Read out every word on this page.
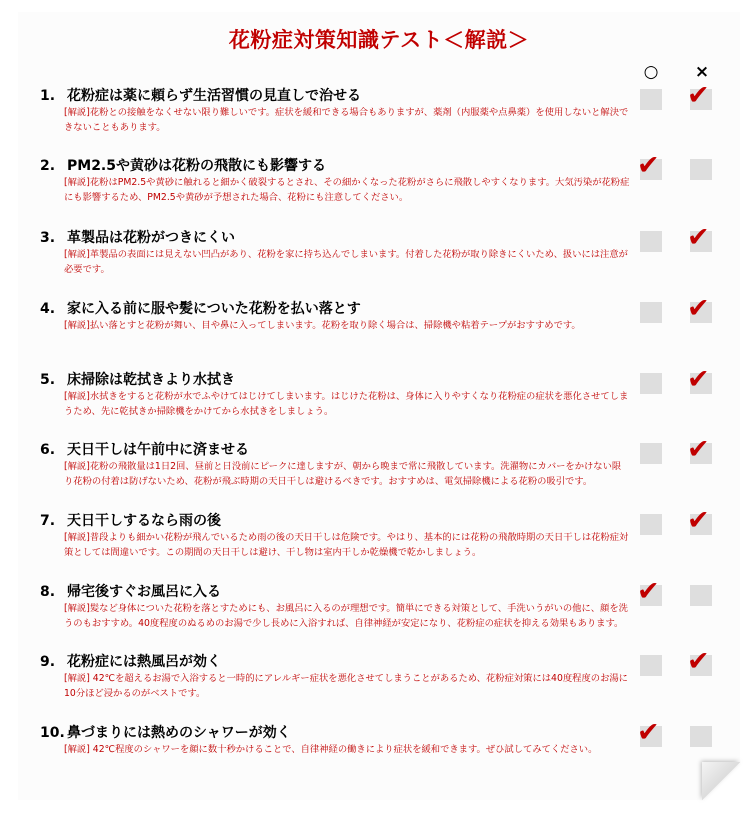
花粉症対策知識テスト＜解説＞
○ ×
1. 花粉症は薬に頼らず生活習慣の見直しで治せる
[解説]花粉との接触をなくせない限り難しいです。症状を緩和できる場合もありますが、薬剤（内服薬や点鼻薬）を使用しないと解決できないこともあります。
✔
2. PM2.5や黄砂は花粉の飛散にも影響する
[解説]花粉はPM2.5や黄砂に触れると細かく破裂するとされ、その細かくなった花粉がさらに飛散しやすくなります。大気汚染が花粉症にも影響するため、PM2.5や黄砂が予想された場合、花粉にも注意してください。
✔
3. 革製品は花粉がつきにくい
[解説]革製品の表面には見えない凹凸があり、花粉を家に持ち込んでしまいます。付着した花粉が取り除きにくいため、扱いには注意が必要です。
✔
4. 家に入る前に服や髪についた花粉を払い落とす
[解説]払い落とすと花粉が舞い、目や鼻に入ってしまいます。花粉を取り除く場合は、掃除機や粘着テープがおすすめです。
✔
5. 床掃除は乾拭きより水拭き
[解説]水拭きをすると花粉が水でふやけてはじけてしまいます。はじけた花粉は、身体に入りやすくなり花粉症の症状を悪化させてしまうため、先に乾拭きか掃除機をかけてから水拭きをしましょう。
✔
6. 天日干しは午前中に済ませる
[解説]花粉の飛散量は1日2回、昼前と日没前にピークに達しますが、朝から晩まで常に飛散しています。洗濯物にカバーをかけない限り花粉の付着は防げないため、花粉が飛ぶ時期の天日干しは避けるべきです。おすすめは、電気掃除機による花粉の吸引です。
✔
7. 天日干しするなら雨の後
[解説]普段よりも細かい花粉が飛んでいるため雨の後の天日干しは危険です。やはり、基本的には花粉の飛散時期の天日干しは花粉症対策としては間違いです。この期間の天日干しは避け、干し物は室内干しか乾燥機で乾かしましょう。
✔
8. 帰宅後すぐお風呂に入る
[解説]髪など身体についた花粉を落とすためにも、お風呂に入るのが理想です。簡単にできる対策として、手洗いうがいの他に、顔を洗うのもおすすめ。40度程度のぬるめのお湯で少し長めに入浴すれば、自律神経が安定になり、花粉症の症状を抑える効果もあります。
✔
9. 花粉症には熱風呂が効く
[解説] 42℃を超えるお湯で入浴すると一時的にアレルギー症状を悪化させてしまうことがあるため、花粉症対策には40度程度のお湯に10分ほど浸かるのがベストです。
✔
10. 鼻づまりには熱めのシャワーが効く
[解説] 42℃程度のシャワーを顔に数十秒かけることで、自律神経の働きにより症状を緩和できます。ぜひ試してみてください。
✔
